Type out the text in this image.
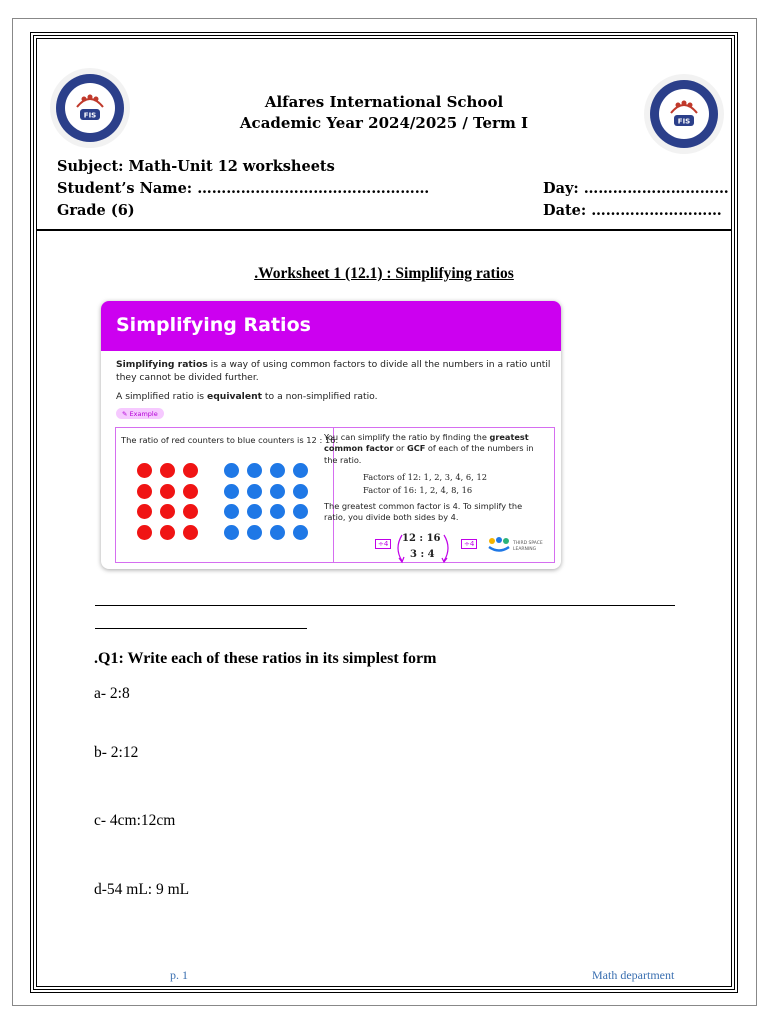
FIS
Alfares International School
Academic Year 2024/2025 / Term I	FIS
Subject: Math-Unit 12 worksheets
Student’s Name: …………………………………………
Grade (6)
Day: …………………………
Date: ………………………
.Worksheet 1 (12.1) : Simplifying ratios
Simplifying Ratios
Simplifying ratios is a way of using common factors to divide all the numbers in a ratio until they cannot be divided further.
A simplified ratio is equivalent to a non-simplified ratio.
✎ Example
The ratio of red counters to blue counters is 12 : 16.
You can simplify the ratio by finding the greatest common factor or GCF of each of the numbers in the ratio.
Factors of 12: 1, 2, 3, 4, 6, 12
Factor of 16: 1, 2, 4, 8, 16
The greatest common factor is 4. To simplify the ratio, you divide both sides by 4.
÷4	12 : 16
3 : 4
÷4	THIRD SPACE LEARNING
.Q1: Write each of these ratios in its simplest form
a- 2:8
b- 2:12
c- 4cm:12cm
d-54 mL: 9 mL
p. 1	Math department
